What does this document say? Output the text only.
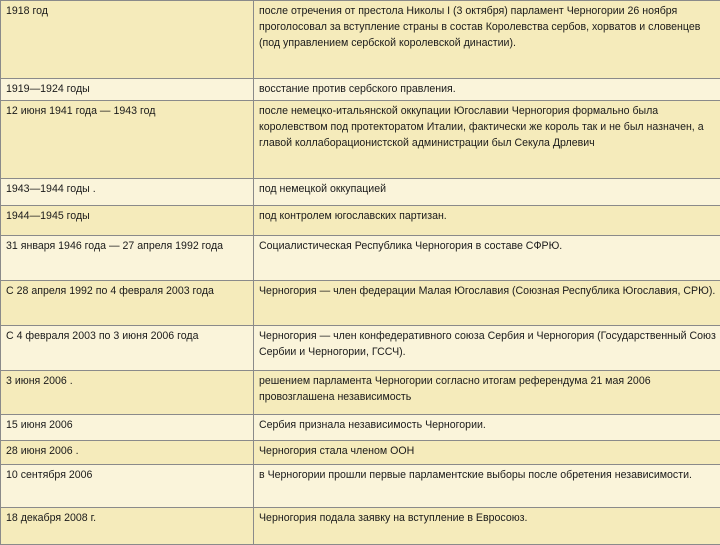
1918 год	после отречения от престола Николы I (3 октября) парламент Черногории 26 ноября проголосовал за вступление страны в состав Королевства сербов, хорватов и словенцев (под управлением сербской королевской династии).
1919—1924 годы	восстание против сербского правления.
12 июня 1941 года — 1943 год	после немецко-итальянской оккупации Югославии Черногория формально была королевством под протекторатом Италии, фактически же король так и не был назначен, а главой коллаборационистской администрации был Секула Дрлевич
1943—1944 годы .	под немецкой оккупацией
1944—1945 годы	под контролем югославских партизан.
31 января 1946 года — 27 апреля 1992 года	Социалистическая Республика Черногория в составе СФРЮ.
С 28 апреля 1992 по 4 февраля 2003 года	Черногория — член федерации Малая Югославия (Союзная Республика Югославия, СРЮ).
С 4 февраля 2003 по 3 июня 2006 года	Черногория — член конфедеративного союза Сербия и Черногория (Государственный Союз Сербии и Черногории, ГССЧ).
3 июня 2006 .	решением парламента Черногории согласно итогам референдума 21 мая 2006 провозглашена независимость
15 июня 2006	Сербия признала независимость Черногории.
28 июня 2006 .	Черногория стала членом ООН
10 сентября 2006	в Черногории прошли первые парламентские выборы после обретения независимости.
18 декабря 2008 г.	Черногория подала заявку на вступление в Евросоюз.
